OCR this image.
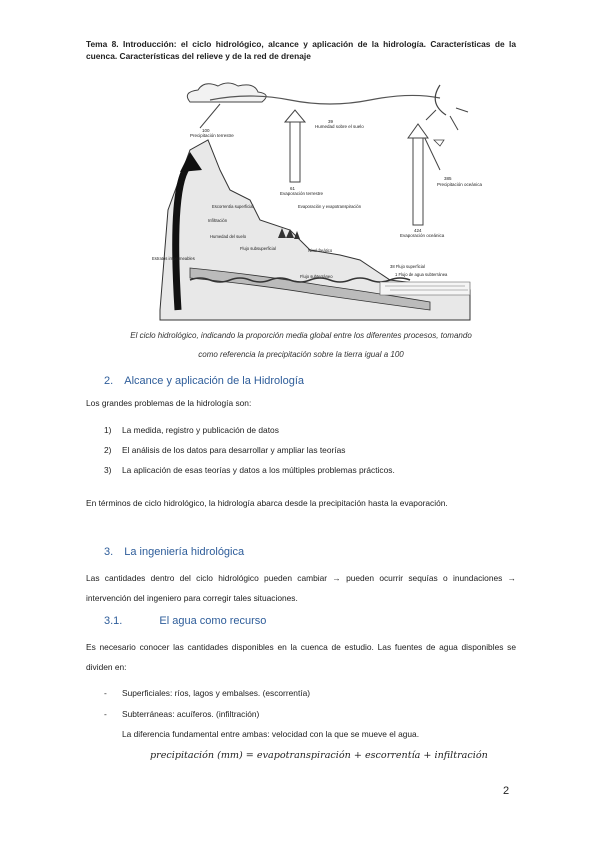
Tema 8. Introducción: el ciclo hidrológico, alcance y aplicación de la hidrología. Características de la cuenca. Características del relieve y de la red de drenaje
100
Precipitación terrestre
39
Humedad sobre el suelo
385
Precipitación oceánica
61
Evaporación terrestre
424
Evaporación oceánica
Escorrentía superficial
Infiltración
Humedad del suelo
Evaporación y evapotranspiración
Flujo subsuperficial	Nivel freático
Estratos impermeables
Flujo subterráneo
38 Flujo superficial
1 Flujo de agua subterránea
El ciclo hidrológico, indicando la proporción media global entre los diferentes procesos, tomando
como referencia la precipitación sobre la tierra igual a 100
2. Alcance y aplicación de la Hidrología
Los grandes problemas de la hidrología son:
1) La medida, registro y publicación de datos
2) El análisis de los datos para desarrollar y ampliar las teorías
3) La aplicación de esas teorías y datos a los múltiples problemas prácticos.
En términos de ciclo hidrológico, la hidrología abarca desde la precipitación hasta la evaporación.
3. La ingeniería hidrológica
Las cantidades dentro del ciclo hidrológico pueden cambiar → pueden ocurrir sequías o inundaciones → intervención del ingeniero para corregir tales situaciones.
3.1.	El agua como recurso
Es necesario conocer las cantidades disponibles en la cuenca de estudio. Las fuentes de agua disponibles se dividen en:
- Superficiales: ríos, lagos y embalses. (escorrentía)
- Subterráneas: acuíferos. (infiltración)
La diferencia fundamental entre ambas: velocidad con la que se mueve el agua.
precipitación (mm) = evapotranspiración + escorrentía + infiltración
2
